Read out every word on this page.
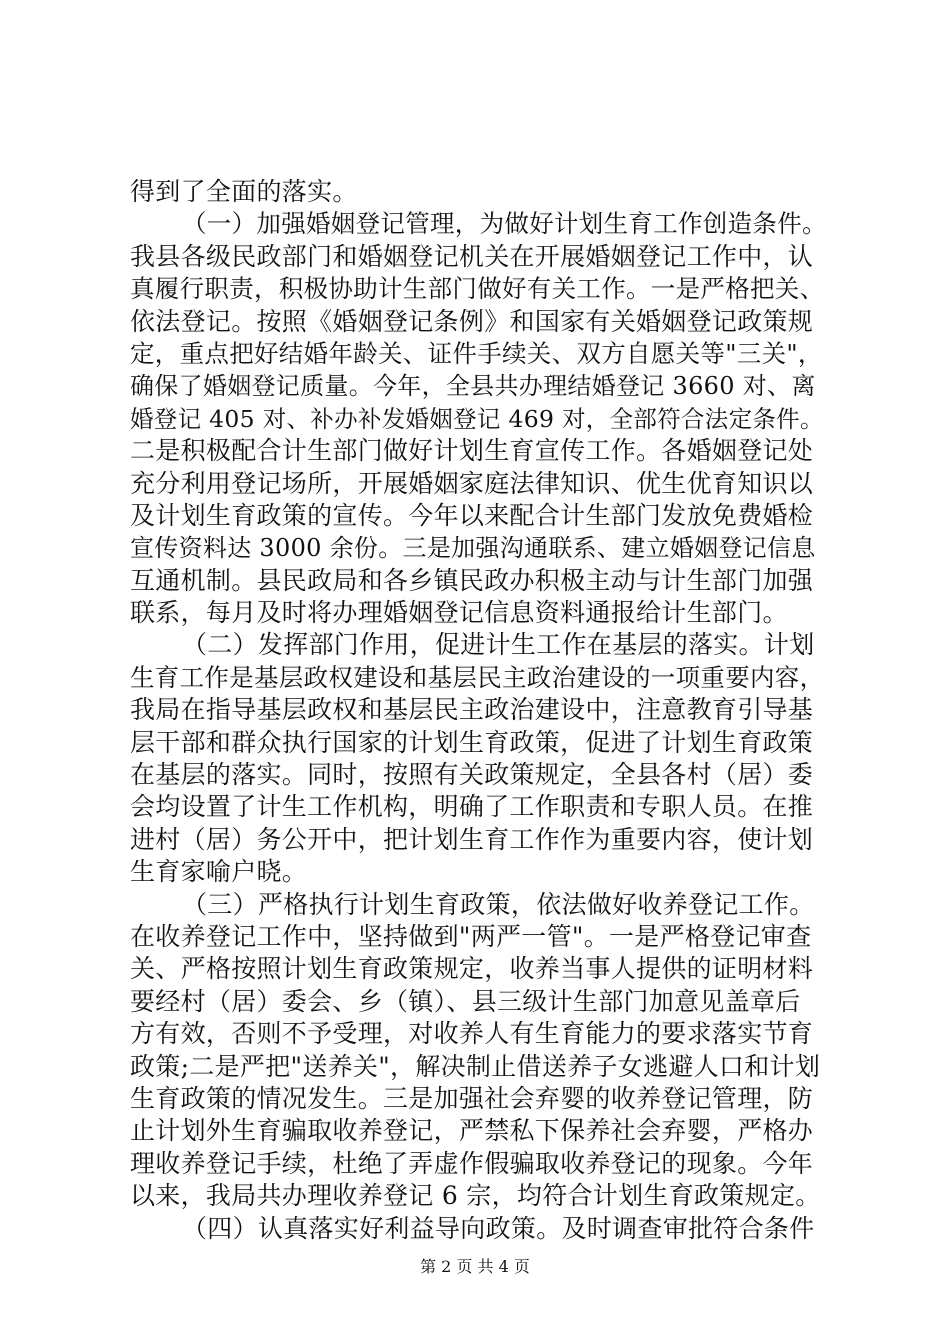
得到了全面的落实。
（一）加强婚姻登记管理，为做好计划生育工作创造条件。
我县各级民政部门和婚姻登记机关在开展婚姻登记工作中，认
真履行职责，积极协助计生部门做好有关工作。一是严格把关、
依法登记。按照《婚姻登记条例》和国家有关婚姻登记政策规
定，重点把好结婚年龄关、证件手续关、双方自愿关等"三关"，
确保了婚姻登记质量。今年，全县共办理结婚登记 3660 对、离
婚登记 405 对、补办补发婚姻登记 469 对，全部符合法定条件。
二是积极配合计生部门做好计划生育宣传工作。各婚姻登记处
充分利用登记场所，开展婚姻家庭法律知识、优生优育知识以
及计划生育政策的宣传。今年以来配合计生部门发放免费婚检
宣传资料达 3000 余份。三是加强沟通联系、建立婚姻登记信息
互通机制。县民政局和各乡镇民政办积极主动与计生部门加强
联系，每月及时将办理婚姻登记信息资料通报给计生部门。
（二）发挥部门作用，促进计生工作在基层的落实。计划
生育工作是基层政权建设和基层民主政治建设的一项重要内容，
我局在指导基层政权和基层民主政治建设中，注意教育引导基
层干部和群众执行国家的计划生育政策，促进了计划生育政策
在基层的落实。同时，按照有关政策规定，全县各村（居）委
会均设置了计生工作机构，明确了工作职责和专职人员。在推
进村（居）务公开中，把计划生育工作作为重要内容，使计划
生育家喻户晓。
（三）严格执行计划生育政策，依法做好收养登记工作。
在收养登记工作中，坚持做到"两严一管"。一是严格登记审查
关、严格按照计划生育政策规定，收养当事人提供的证明材料
要经村（居）委会、乡（镇）、县三级计生部门加意见盖章后
方有效，否则不予受理，对收养人有生育能力的要求落实节育
政策;二是严把"送养关"，解决制止借送养子女逃避人口和计划
生育政策的情况发生。三是加强社会弃婴的收养登记管理，防
止计划外生育骗取收养登记，严禁私下保养社会弃婴，严格办
理收养登记手续，杜绝了弄虚作假骗取收养登记的现象。今年
以来，我局共办理收养登记 6 宗，均符合计划生育政策规定。
（四）认真落实好利益导向政策。及时调查审批符合条件
第 2 页 共 4 页
